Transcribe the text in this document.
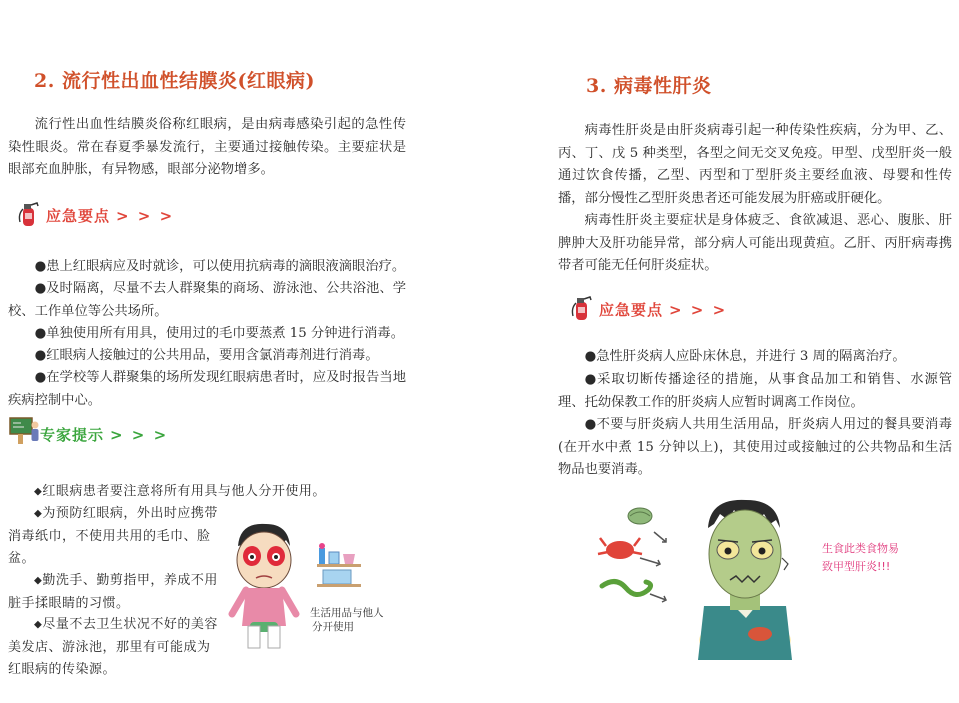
2. 流行性出血性结膜炎(红眼病)

流行性出血性结膜炎俗称红眼病，是由病毒感染引起的急性传染性眼炎。常在春夏季暴发流行，主要通过接触传染。主要症状是眼部充血肿胀，有异物感，眼部分泌物增多。

应急要点 > > >

●患上红眼病应及时就诊，可以使用抗病毒的滴眼液滴眼治疗。

●及时隔离，尽量不去人群聚集的商场、游泳池、公共浴池、学校、工作单位等公共场所。

●单独使用所有用具，使用过的毛巾要蒸煮 15 分钟进行消毒。

●红眼病人接触过的公共用品，要用含氯消毒剂进行消毒。

●在学校等人群聚集的场所发现红眼病患者时，应及时报告当地疾病控制中心。

专家提示 > > >

◆红眼病患者要注意将所有用具与他人分开使用。

◆为预防红眼病，外出时应携带消毒纸巾，不使用共用的毛巾、脸盆。

◆勤洗手、勤剪指甲，养成不用脏手揉眼睛的习惯。

◆尽量不去卫生状况不好的美容美发店、游泳池，那里有可能成为红眼病的传染源。

生活用品与他人
分开使用
3. 病毒性肝炎

病毒性肝炎是由肝炎病毒引起一种传染性疾病，分为甲、乙、丙、丁、戊 5 种类型，各型之间无交叉免疫。甲型、戊型肝炎一般通过饮食传播，乙型、丙型和丁型肝炎主要经血液、母婴和性传播，部分慢性乙型肝炎患者还可能发展为肝癌或肝硬化。

病毒性肝炎主要症状是身体疲乏、食欲减退、恶心、腹胀、肝脾肿大及肝功能异常，部分病人可能出现黄疸。乙肝、丙肝病毒携带者可能无任何肝炎症状。

应急要点 > > >

●急性肝炎病人应卧床休息，并进行 3 周的隔离治疗。

●采取切断传播途径的措施，从事食品加工和销售、水源管理、托幼保教工作的肝炎病人应暂时调离工作岗位。

●不要与肝炎病人共用生活用品，肝炎病人用过的餐具要消毒(在开水中煮 15 分钟以上)，其使用过或接触过的公共物品和生活物品也要消毒。

生食此类食物易
致甲型肝炎!!!
